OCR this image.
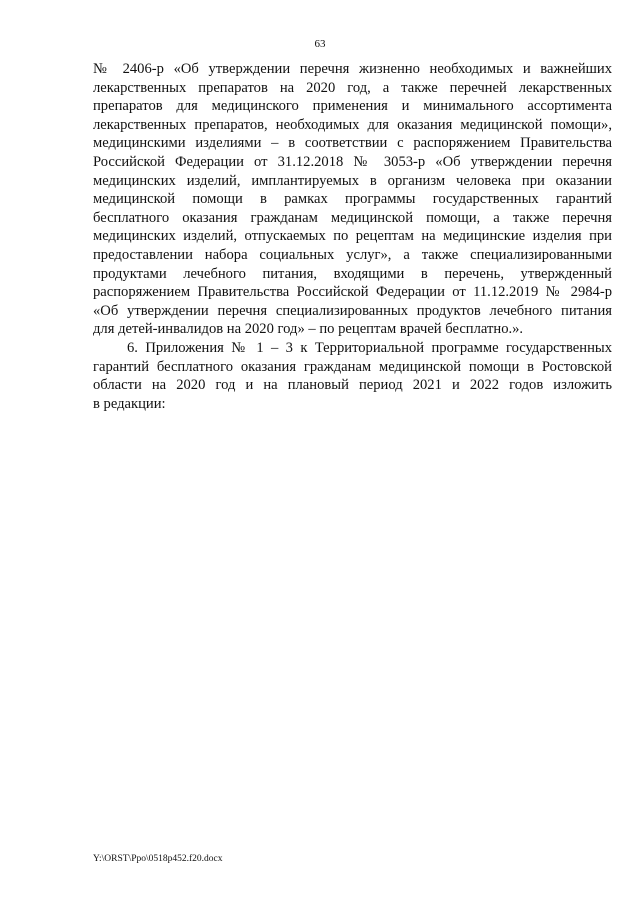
63
№ 2406-р «Об утверждении перечня жизненно необходимых и важнейших
лекарственных препаратов на 2020 год, а также перечней лекарственных
препаратов для медицинского применения и минимального ассортимента
лекарственных препаратов, необходимых для оказания медицинской помощи»,
медицинскими изделиями – в соответствии с распоряжением Правительства
Российской Федерации от 31.12.2018 № 3053-р «Об утверждении перечня
медицинских изделий, имплантируемых в организм человека при оказании
медицинской помощи в рамках программы государственных гарантий
бесплатного оказания гражданам медицинской помощи, а также перечня
медицинских изделий, отпускаемых по рецептам на медицинские изделия при
предоставлении набора социальных услуг», а также специализированными
продуктами лечебного питания, входящими в перечень, утвержденный
распоряжением Правительства Российской Федерации от 11.12.2019 № 2984-р
«Об утверждении перечня специализированных продуктов лечебного питания
для детей-инвалидов на 2020 год» – по рецептам врачей бесплатно.».
6. Приложения № 1 – 3 к Территориальной программе государственных
гарантий бесплатного оказания гражданам медицинской помощи в Ростовской
области на 2020 год и на плановый период 2021 и 2022 годов изложить
в редакции:
Y:\ORST\Ppo\0518p452.f20.docx
